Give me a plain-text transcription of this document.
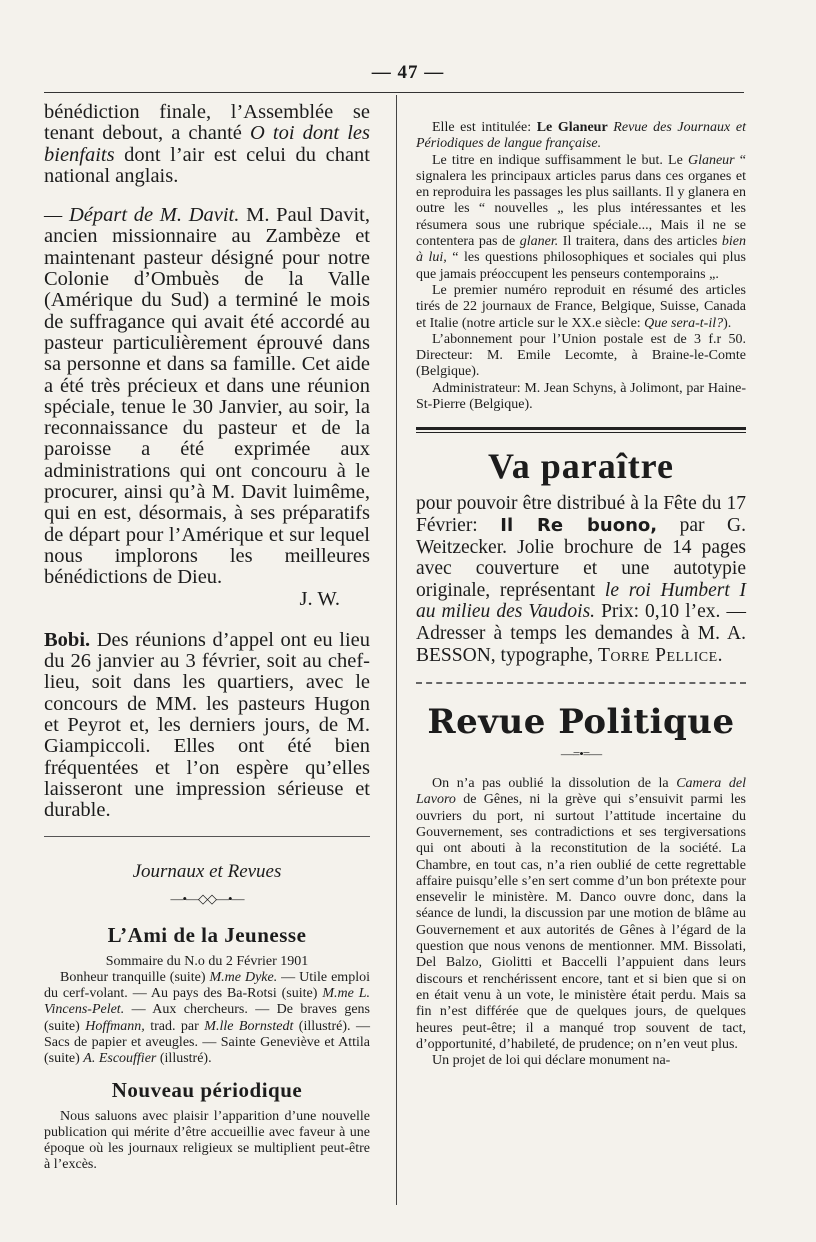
— 47 —

bénédiction finale, l’Assemblée se tenant debout, a chanté O toi dont les bienfaits dont l’air est celui du chant national anglais.

— Départ de M. Davit. M. Paul Davit, ancien missionnaire au Zambèze et maintenant pasteur désigné pour notre Colonie d’Ombuès de la Valle (Amérique du Sud) a terminé le mois de suffragance qui avait été accordé au pasteur particulièrement éprouvé dans sa personne et dans sa famille. Cet aide a été très précieux et dans une réunion spéciale, tenue le 30 Janvier, au soir, la reconnaissance du pasteur et de la paroisse a été exprimée aux administrations qui ont concouru à le procurer, ainsi qu’à M. Davit luimême, qui en est, désormais, à ses préparatifs de départ pour l’Amérique et sur lequel nous implorons les meilleures bénédictions de Dieu.

J. W.

Bobi. Des réunions d’appel ont eu lieu du 26 janvier au 3 février, soit au chef-lieu, soit dans les quartiers, avec le concours de MM. les pasteurs Hugon et Peyrot et, les derniers jours, de M. Giampiccoli. Elles ont été bien fréquentées et l’on espère qu’elles laisseront une impression sérieuse et durable.

Journaux et Revues

—•—◇◇—•—

L’Ami de la Jeunesse

Sommaire du N.o du 2 Février 1901

Bonheur tranquille (suite) M.me Dyke. — Utile emploi du cerf-volant. — Au pays des Ba-Rotsi (suite) M.me L. Vincens-Pelet. — Aux chercheurs. — De braves gens (suite) Hoffmann, trad. par M.lle Bornstedt (illustré). — Sacs de papier et aveugles. — Sainte Geneviève et Attila (suite) A. Escouffier (illustré).

Nouveau périodique

Nous saluons avec plaisir l’apparition d’une nouvelle publication qui mérite d’être accueillie avec faveur à une époque où les journaux religieux se multiplient peut-être à l’excès.

Elle est intitulée: Le Glaneur Revue des Journaux et Périodiques de langue française.

Le titre en indique suffisamment le but. Le Glaneur “ signalera les principaux articles parus dans ces organes et en reproduira les passages les plus saillants. Il y glanera en outre les “ nouvelles „ les plus intéressantes et les résumera sous une rubrique spéciale..., Mais il ne se contentera pas de glaner. Il traitera, dans des articles bien à lui, “ les questions philosophiques et sociales qui plus que jamais préoccupent les penseurs contemporains „.

Le premier numéro reproduit en résumé des articles tirés de 22 journaux de France, Belgique, Suisse, Canada et Italie (notre article sur le XX.e siècle: Que sera-t-il?).

L’abonnement pour l’Union postale est de 3 f.r 50. Directeur: M. Emile Lecomte, à Braine-le-Comte (Belgique).

Administrateur: M. Jean Schyns, à Jolimont, par Haine-St-Pierre (Belgique).

Va paraître

pour pouvoir être distribué à la Fête du 17 Février: Il Re buono, par G. Weitzecker. Jolie brochure de 14 pages avec couverture et une autotypie originale, représentant le roi Humbert I au milieu des Vaudois. Prix: 0,10 l’ex. — Adresser à temps les demandes à M. A. BESSON, typographe, Torre Pellice.

Revue Politique

—=•=—

On n’a pas oublié la dissolution de la Camera del Lavoro de Gênes, ni la grève qui s’ensuivit parmi les ouvriers du port, ni surtout l’attitude incertaine du Gouvernement, ses contradictions et ses tergiversations qui ont abouti à la reconstitution de la société. La Chambre, en tout cas, n’a rien oublié de cette regrettable affaire puisqu’elle s’en sert comme d’un bon prétexte pour ensevelir le ministère. M. Danco ouvre donc, dans la séance de lundi, la discussion par une motion de blâme au Gouvernement et aux autorités de Gênes à l’égard de la question que nous venons de mentionner. MM. Bissolati, Del Balzo, Giolitti et Baccelli l’appuient dans leurs discours et renchérissent encore, tant et si bien que si on en était venu à un vote, le ministère était perdu. Mais sa fin n’est différée que de quelques jours, de quelques heures peut-être; il a manqué trop souvent de tact, d’opportunité, d’habileté, de prudence; on n’en veut plus.

Un projet de loi qui déclare monument na-
